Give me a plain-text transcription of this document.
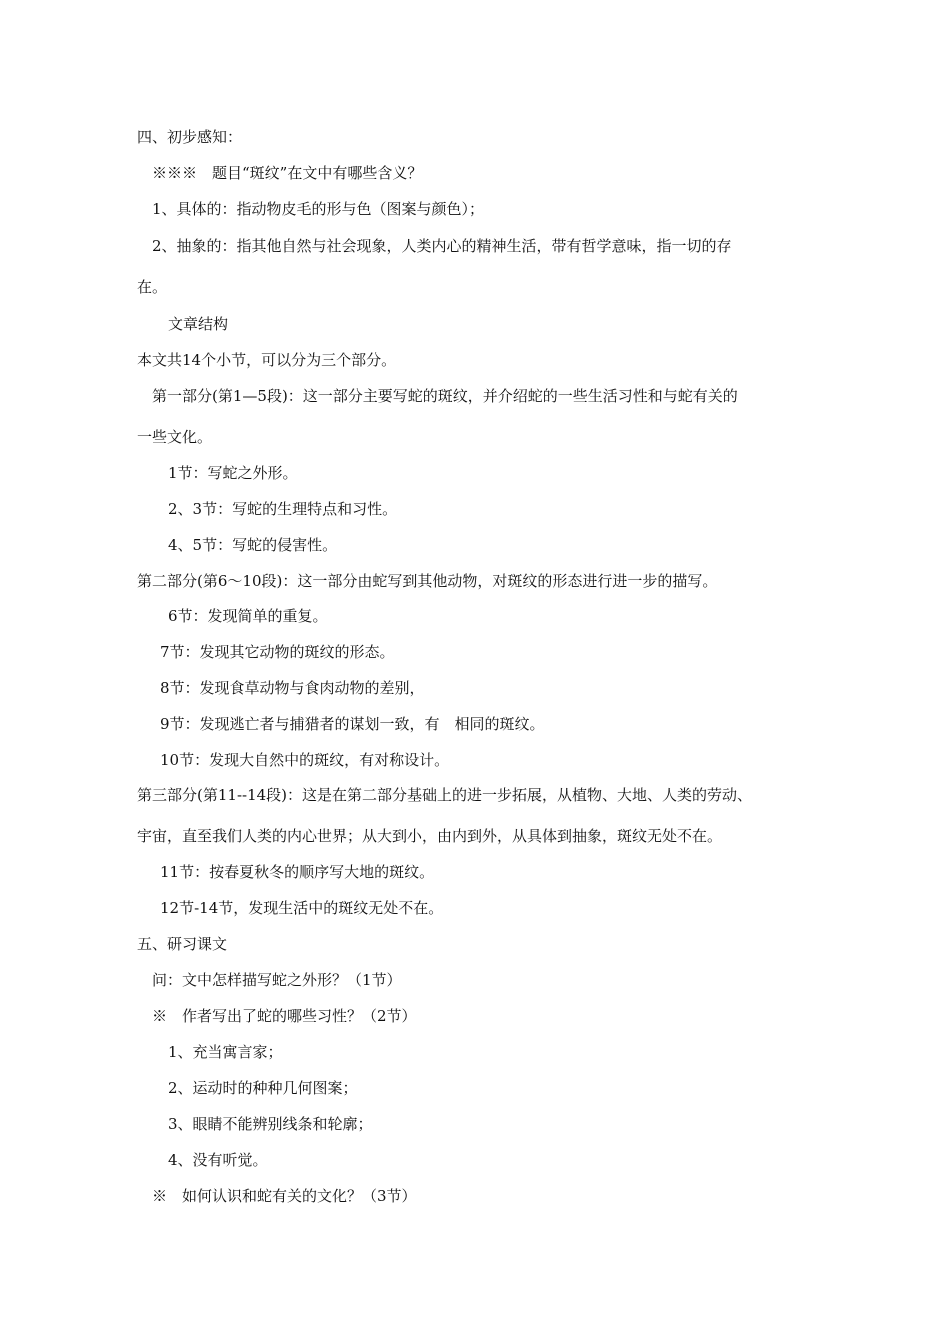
四、初步感知：
※※※　题目“斑纹”在文中有哪些含义？
1、具体的：指动物皮毛的形与色（图案与颜色）；
2、抽象的：指其他自然与社会现象，人类内心的精神生活，带有哲学意味，指一切的存
在。
文章结构
本文共14个小节，可以分为三个部分。
第一部分(第1—5段)：这一部分主要写蛇的斑纹，并介绍蛇的一些生活习性和与蛇有关的
一些文化。
1节：写蛇之外形。
2、3节：写蛇的生理特点和习性。
4、5节：写蛇的侵害性。
第二部分(第6～10段)：这一部分由蛇写到其他动物，对斑纹的形态进行进一步的描写。
6节：发现简单的重复。
7节：发现其它动物的斑纹的形态。
8节：发现食草动物与食肉动物的差别，
9节：发现逃亡者与捕猎者的谋划一致，有　相同的斑纹。
10节：发现大自然中的斑纹，有对称设计。
第三部分(第11--14段)：这是在第二部分基础上的进一步拓展，从植物、大地、人类的劳动、
宇宙，直至我们人类的内心世界；从大到小，由内到外，从具体到抽象，斑纹无处不在。
11节：按春夏秋冬的顺序写大地的斑纹。
12节-14节，发现生活中的斑纹无处不在。
五、研习课文
问：文中怎样描写蛇之外形？（1节）
※　作者写出了蛇的哪些习性？（2节）
1、充当寓言家；
2、运动时的种种几何图案；
3、眼睛不能辨别线条和轮廓；
4、没有听觉。
※　如何认识和蛇有关的文化？（3节）
